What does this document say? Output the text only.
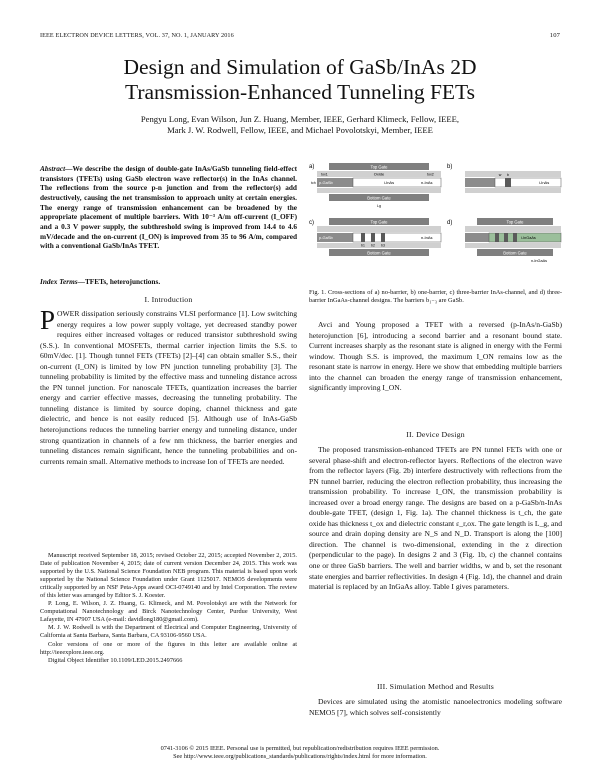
IEEE ELECTRON DEVICE LETTERS, VOL. 37, NO. 1, JANUARY 2016	107
Design and Simulation of GaSb/InAs 2D
Transmission-Enhanced Tunneling FETs
Pengyu Long, Evan Wilson, Jun Z. Huang, Member, IEEE, Gerhard Klimeck, Fellow, IEEE,
Mark J. W. Rodwell, Fellow, IEEE, and Michael Povolotskyi, Member, IEEE
Abstract—We describe the design of double-gate InAs/GaSb tunneling field-effect transistors (TFETs) using GaSb electron wave reflector(s) in the InAs channel. The reflections from the source p-n junction and from the reflector(s) add destructively, causing the net transmission to approach unity at certain energies. The energy range of transmission enhancement can be broadened by the appropriate placement of multiple barriers. With 10⁻³ A/m off-current (I_OFF) and a 0.3 V power supply, the subthreshold swing is improved from 14.4 to 4.6 mV/decade and the on-current (I_ON) is improved from 35 to 96 A/m, compared with a conventional GaSb/InAs TFET.
Index Terms—TFETs, heterojunctions.
I. Introduction

POWER dissipation seriously constrains VLSI performance [1]. Low switching energy requires a low power supply voltage, yet decreased standby power requires either increased voltages or reduced transistor subthreshold swing (S.S.). In conventional MOSFETs, thermal carrier injection limits the S.S. to 60mV/dec. [1]. Though tunnel FETs (TFETs) [2]–[4] can obtain smaller S.S., their on-current (I_ON) is limited by low PN junction tunneling probability [3]. The tunneling probability is limited by the effective mass and tunneling distance across the PN tunnel junction. For nanoscale TFETs, quantization increases the barrier energy and carrier effective masses, decreasing the tunneling probability. The tunneling distance is limited by source doping, channel thickness and gate dielectric, and hence is not easily reduced [5]. Although use of InAs-GaSb heterojunctions reduces the tunneling barrier energy and tunneling distance, under strong quantization in channels of a few nm thickness, the barrier energies and tunneling distances remain significant, hence the tunneling probabilities and on-currents remain small. Alternative methods to increase Ion of TFETs are needed.

Manuscript received September 18, 2015; revised October 22, 2015; accepted November 2, 2015. Date of publication November 4, 2015; date of current version December 24, 2015. This work was supported by the U.S. National Science Foundation NEB program. This material is based upon work supported by the National Science Foundation under Grant 1125017. NEMO5 developments were critically supported by an NSF Peta-Apps award OCI-0749140 and by Intel Corporation. The review of this letter was arranged by Editor S. J. Koester.

P. Long, E. Wilson, J. Z. Huang, G. Klimeck, and M. Povolotskyi are with the Network for Computational Nanotechnology and Birck Nanotechnology Center, Purdue University, West Lafayette, IN 47907 USA (e-mail: davidlong180@gmail.com).

M. J. W. Rodwell is with the Department of Electrical and Computer Engineering, University of California at Santa Barbara, Santa Barbara, CA 93106-9560 USA.

Color versions of one or more of the figures in this letter are available online at http://ieeexplore.ieee.org.

Digital Object Identifier 10.1109/LED.2015.2497666

a)	Top Gate
Oxide
tox1	tox2
p-GaSb	i-InAs	n-InAs
tch
Bottom Gate
Lg
b)
w
i-InAs
b
c)	Top Gate
p-GaSb	n-InAs
Bottom Gate
b1 b2 b3
d)	Top Gate
i-InGaAs
Bottom Gate
n-InGaAs
Fig. 1. Cross-sections of a) no-barrier, b) one-barrier, c) three-barrier InAs-channel, and d) three-barrier InGaAs-channel designs. The barriers b₁₋₃ are GaSb.

Avci and Young proposed a TFET with a reversed (p-InAs/n-GaSb) heterojunction [6], introducing a second barrier and a resonant bound state. Current increases sharply as the resonant state is aligned in energy with the Fermi window. Though S.S. is improved, the maximum I_ON remains low as the resonant state is narrow in energy. Here we show that embedding multiple barriers into the channel can broaden the energy range of transmission enhancement, significantly improving I_ON.

II. Device Design

The proposed transmission-enhanced TFETs are PN tunnel FETs with one or several phase-shift and electron-reflector layers. Reflections of the electron wave from the reflector layers (Fig. 2b) interfere destructively with reflections from the PN tunnel barrier, reducing the electron reflection probability, thus increasing the transmission probability. To increase I_ON, the transmission probability is increased over a broad energy range. The designs are based on a p-GaSb/n-InAs double-gate TFET, (design 1, Fig. 1a). The channel thickness is t_ch, the gate oxide has thickness t_ox and dielectric constant ε_r,ox. The gate length is L_g, and source and drain doping density are N_S and N_D. Transport is along the [100] direction. The channel is two-dimensional, extending in the z direction (perpendicular to the page). In designs 2 and 3 (Fig. 1b, c) the channel contains one or three GaSb barriers. The well and barrier widths, w and b, set the resonant state energies and barrier reflectivities. In design 4 (Fig. 1d), the channel and drain material is replaced by an InGaAs alloy. Table I gives parameters.

III. Simulation Method and Results

Devices are simulated using the atomistic nanoelectronics modeling software NEMO5 [7], which solves self-consistently

0741-3106 © 2015 IEEE. Personal use is permitted, but republication/redistribution requires IEEE permission.
See http://www.ieee.org/publications_standards/publications/rights/index.html for more information.
